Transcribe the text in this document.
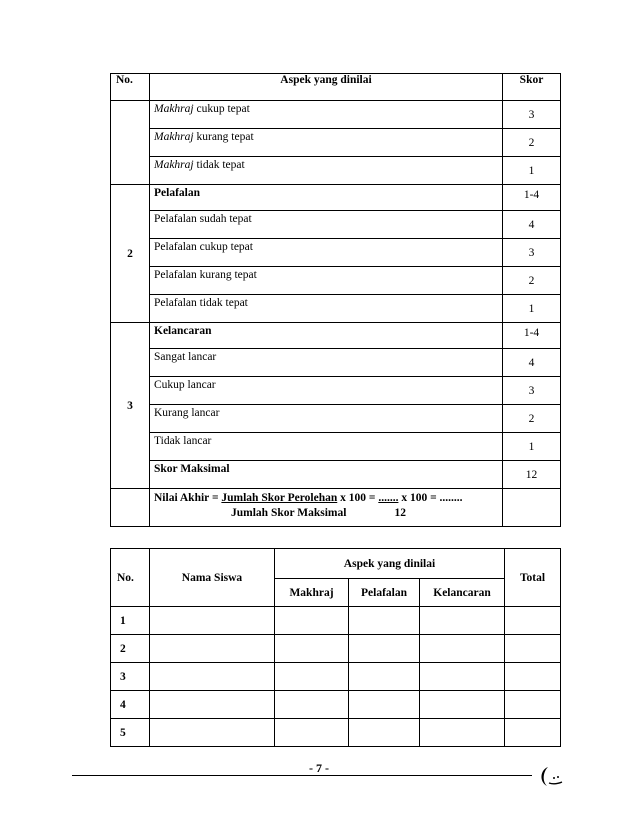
No.	Aspek yang dinilai	Skor

	Makhraj cukup tepat	3

	Makhraj kurang tepat	2

	Makhraj tidak tepat	1
2	Pelafalan	1-4

	Pelafalan sudah tepat	4

	Pelafalan cukup tepat	3

	Pelafalan kurang tepat	2

	Pelafalan tidak tepat	1
3	Kelancaran	1-4

	Sangat lancar	4

	Cukup lancar	3

	Kurang lancar	2

	Tidak lancar	1

	Skor Maksimal	12

	Nilai Akhir = Jumlah Skor Perolehan x 100 = ....... x 100 = ........
Jumlah Skor Maksimal 12	

No.	Nama Siswa	Aspek yang dinilai			Total
		Makhraj	Pelafalan	Kelancaran	
1					
2					
3					
4					
5					
- 7 -
